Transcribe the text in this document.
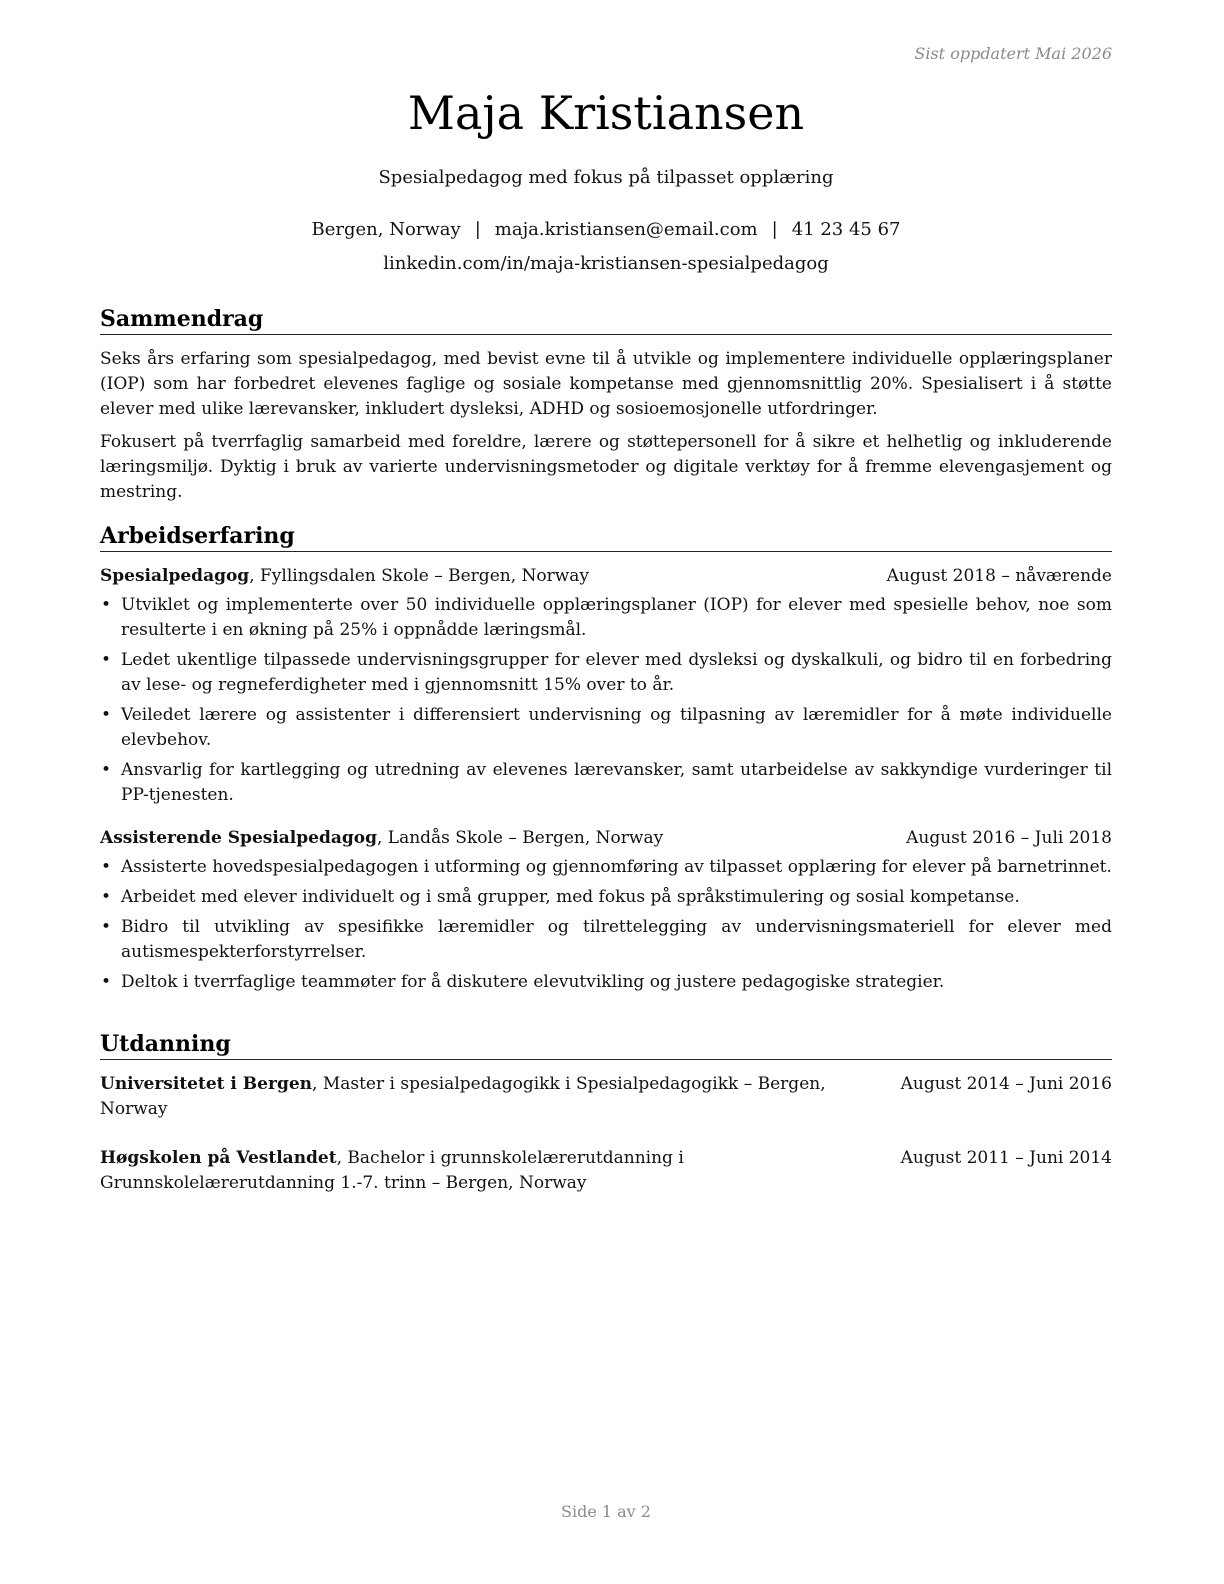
Sist oppdatert Mai 2026
Maja Kristiansen
Spesialpedagog med fokus på tilpasset opplæring
Bergen, Norway | maja.kristiansen@email.com | 41 23 45 67
linkedin.com/in/maja-kristiansen-spesialpedagog
Sammendrag

Seks års erfaring som spesialpedagog, med bevist evne til å utvikle og implementere individuelle opplæringsplaner (IOP) som har forbedret elevenes faglige og sosiale kompetanse med gjennomsnittlig 20%. Spesialisert i å støtte elever med ulike lærevansker, inkludert dysleksi, ADHD og sosioemosjonelle utfordringer.

Fokusert på tverrfaglig samarbeid med foreldre, lærere og støttepersonell for å sikre et helhetlig og inkluderende læringsmiljø. Dyktig i bruk av varierte undervisningsmetoder og digitale verktøy for å fremme elevengasjement og mestring.

Arbeidserfaring
Spesialpedagog, Fyllingsdalen Skole – Bergen, Norway	August 2018 – nåværende
• Utviklet og implementerte over 50 individuelle opplæringsplaner (IOP) for elever med spesielle behov, noe som resulterte i en økning på 25% i oppnådde læringsmål.
• Ledet ukentlige tilpassede undervisningsgrupper for elever med dysleksi og dyskalkuli, og bidro til en forbedring av lese- og regneferdigheter med i gjennomsnitt 15% over to år.
• Veiledet lærere og assistenter i differensiert undervisning og tilpasning av læremidler for å møte individuelle elevbehov.
• Ansvarlig for kartlegging og utredning av elevenes lærevansker, samt utarbeidelse av sakkyndige vurderinger til PP-tjenesten.
Assisterende Spesialpedagog, Landås Skole – Bergen, Norway	August 2016 – Juli 2018
• Assisterte hovedspesialpedagogen i utforming og gjennomføring av tilpasset opplæring for elever på barnetrinnet.
• Arbeidet med elever individuelt og i små grupper, med fokus på språkstimulering og sosial kompetanse.
• Bidro til utvikling av spesifikke læremidler og tilrettelegging av undervisningsmateriell for elever med autismespekterforstyrrelser.
• Deltok i tverrfaglige teammøter for å diskutere elevutvikling og justere pedagogiske strategier.
Utdanning
Universitetet i Bergen, Master i spesialpedagogikk i Spesialpedagogikk – Bergen, Norway
August 2014 – Juni 2016
Høgskolen på Vestlandet, Bachelor i grunnskolelærerutdanning i Grunnskolelærerutdanning 1.-7. trinn – Bergen, Norway
August 2011 – Juni 2014
Side 1 av 2
